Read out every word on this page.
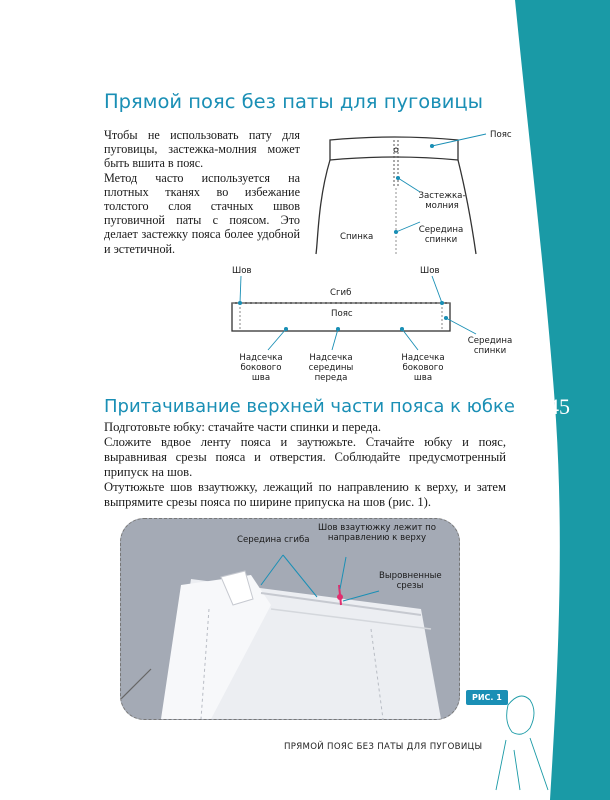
145
Прямой пояс без паты для пуговицы

Чтобы не использовать пату для пуговицы, застежка-молния может быть вшита в пояс.

Метод часто используется на плотных тканях во избежание толстого слоя стачных швов пуговичной паты с поясом. Это делает застежку пояса более удобной и эстетичной.

Пояс
Застежка-молния
Спинка
Середина спинки
Шов	Шов
Сгиб
Пояс
Середина спинки
Надсечка бокового шва
Надсечка середины переда
Надсечка бокового шва
Притачивание верхней части пояса к юбке

Подготовьте юбку: стачайте части спинки и переда.

Сложите вдвое ленту пояса и заутюжьте. Стачайте юбку и пояс, выравнивая срезы пояса и отверстия. Соблюдайте предусмотренный припуск на шов.

Отутюжьте шов взаутюжку, лежащий по направлению к верху, и затем выпрямите срезы пояса по ширине припуска на шов (рис. 1).

Середина сгиба
Шов взаутюжку лежит по направлению к верху
Выровненные срезы
РИС. 1
ПРЯМОЙ ПОЯС БЕЗ ПАТЫ ДЛЯ ПУГОВИЦЫ
